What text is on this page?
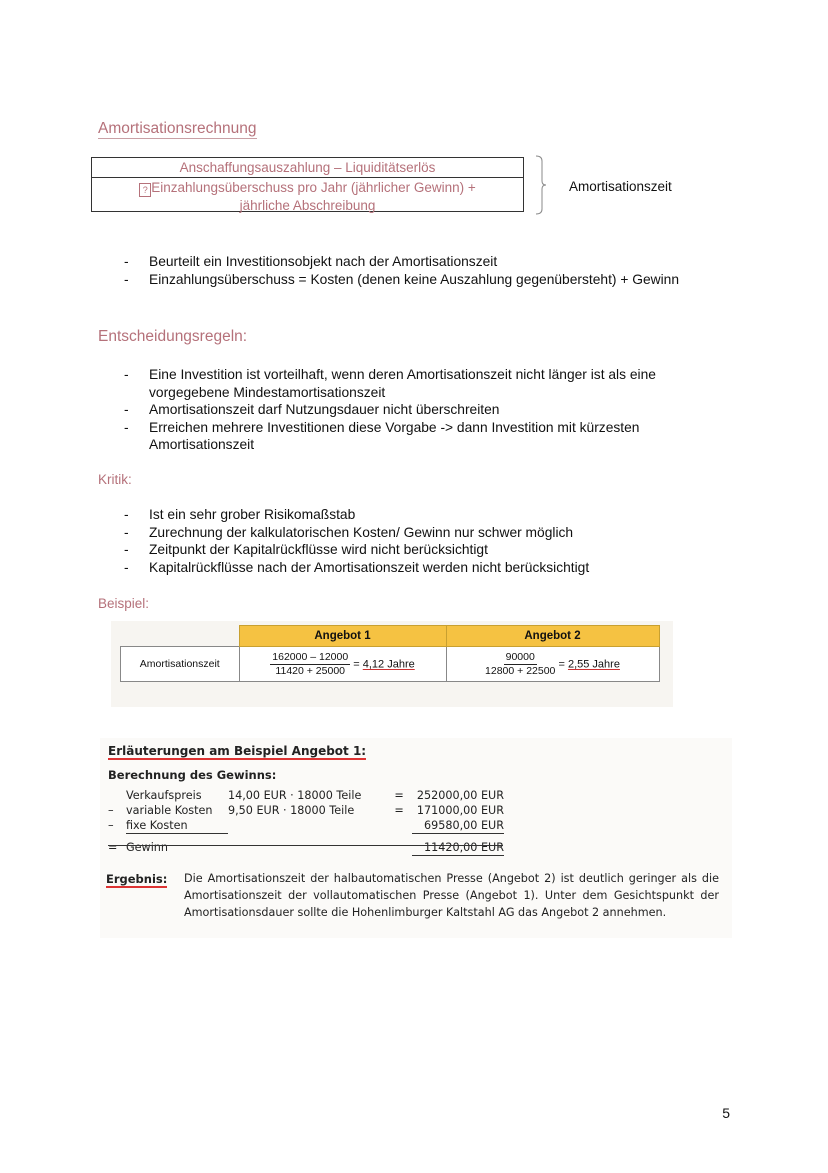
Amortisationsrechnung
Anschaffungsauszahlung – Liquiditätserlös
? Einzahlungsüberschuss pro Jahr (jährlicher Gewinn) +
jährliche Abschreibung
Amortisationszeit
- Beurteilt ein Investitionsobjekt nach der Amortisationszeit
- Einzahlungsüberschuss = Kosten (denen keine Auszahlung gegenübersteht) + Gewinn
Entscheidungsregeln:
- Eine Investition ist vorteilhaft, wenn deren Amortisationszeit nicht länger ist als eine vorgegebene Mindestamortisationszeit
- Amortisationszeit darf Nutzungsdauer nicht überschreiten
- Erreichen mehrere Investitionen diese Vorgabe -> dann Investition mit kürzesten Amortisationszeit
Kritik:
- Ist ein sehr grober Risikomaßstab
- Zurechnung der kalkulatorischen Kosten/ Gewinn nur schwer möglich
- Zeitpunkt der Kapitalrückflüsse wird nicht berücksichtigt
- Kapitalrückflüsse nach der Amortisationszeit werden nicht berücksichtigt
Beispiel:
	Angebot 1	Angebot 2
Amortisationszeit	$\frac{162000 - 12000}{11420 + 25000} = 4,12$ Jahre	$\frac{90000}{12800 + 22500} = 2,55$ Jahre
Erläuterungen am Beispiel Angebot 1:
Berechnung des Gewinns:
	Verkaufspreis	14,00 EUR · 18000 Teile	=	252000,00 EUR
–	variable Kosten	9,50 EUR · 18000 Teile	=	171000,00 EUR
–	fixe Kosten			69580,00 EUR
=	Gewinn			11420,00 EUR
Ergebnis: Die Amortisationszeit der halbautomatischen Presse (Angebot 2) ist deutlich geringer als die Amortisationszeit der vollautomatischen Presse (Angebot 1). Unter dem Gesichtspunkt der Amortisationsdauer sollte die Hohenlimburger Kaltstahl AG das Angebot 2 annehmen.
5
